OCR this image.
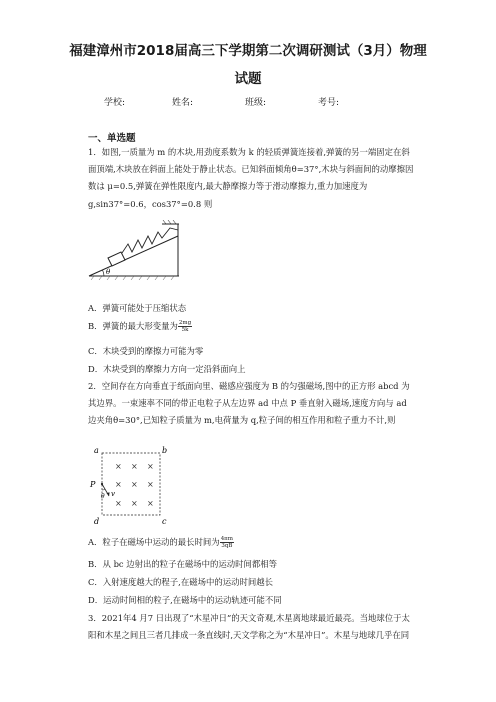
福建漳州市2018届高三下学期第二次调研测试（3月）物理
试题
学校:	姓名:	班级:	考号:
一、单选题
1．如图,一质量为 m 的木块,用劲度系数为 k 的轻质弹簧连接着,弹簧的另一端固定在斜
面顶端,木块放在斜面上能处于静止状态。已知斜面倾角θ=37°,木块与斜面间的动摩擦因
数は μ=0.5,弹簧在弹性限度内,最大静摩擦力等于滑动摩擦力,重力加速度为
g,sin37°=0.6，cos37°=0.8 则
θ
A．弹簧可能处于压缩状态
B．弹簧的最大形变量为 $\frac{2mg}{5k}$
C．木块受到的摩擦力可能为零
D．木块受到的摩擦力方向一定沿斜面向上
2．空间存在方向垂直于纸面向里、磁感应强度为 B 的匀强磁场,图中的正方形 abcd 为
其边界。一束速率不同的带正电粒子从左边界 ad 中点 P 垂直射入磁场,速度方向与 ad
边夹角θ=30°,已知粒子质量为 m,电荷量为 q,粒子间的相互作用和粒子重力不计,则
a	b
c
d
P
× × ×
× × ×
× × ×
θ v
A．粒子在磁场中运动的最长时间为 $\frac{4\pi m}{3qB}$
B．从 bc 边射出的粒子在磁场中的运动时间都相等
C．入射速度越大的程子,在磁场中的运动时间越长
D．运动时间相的粒子,在磁场中的运动轨迹可能不同
3．2021年4 月7 日出现了“木星冲日”的天文奇观,木星离地球最近最亮。当地球位于太
阳和木星之间且三者几排成一条直线时,天文学称之为“木星冲日”。木星与地球几乎在同
